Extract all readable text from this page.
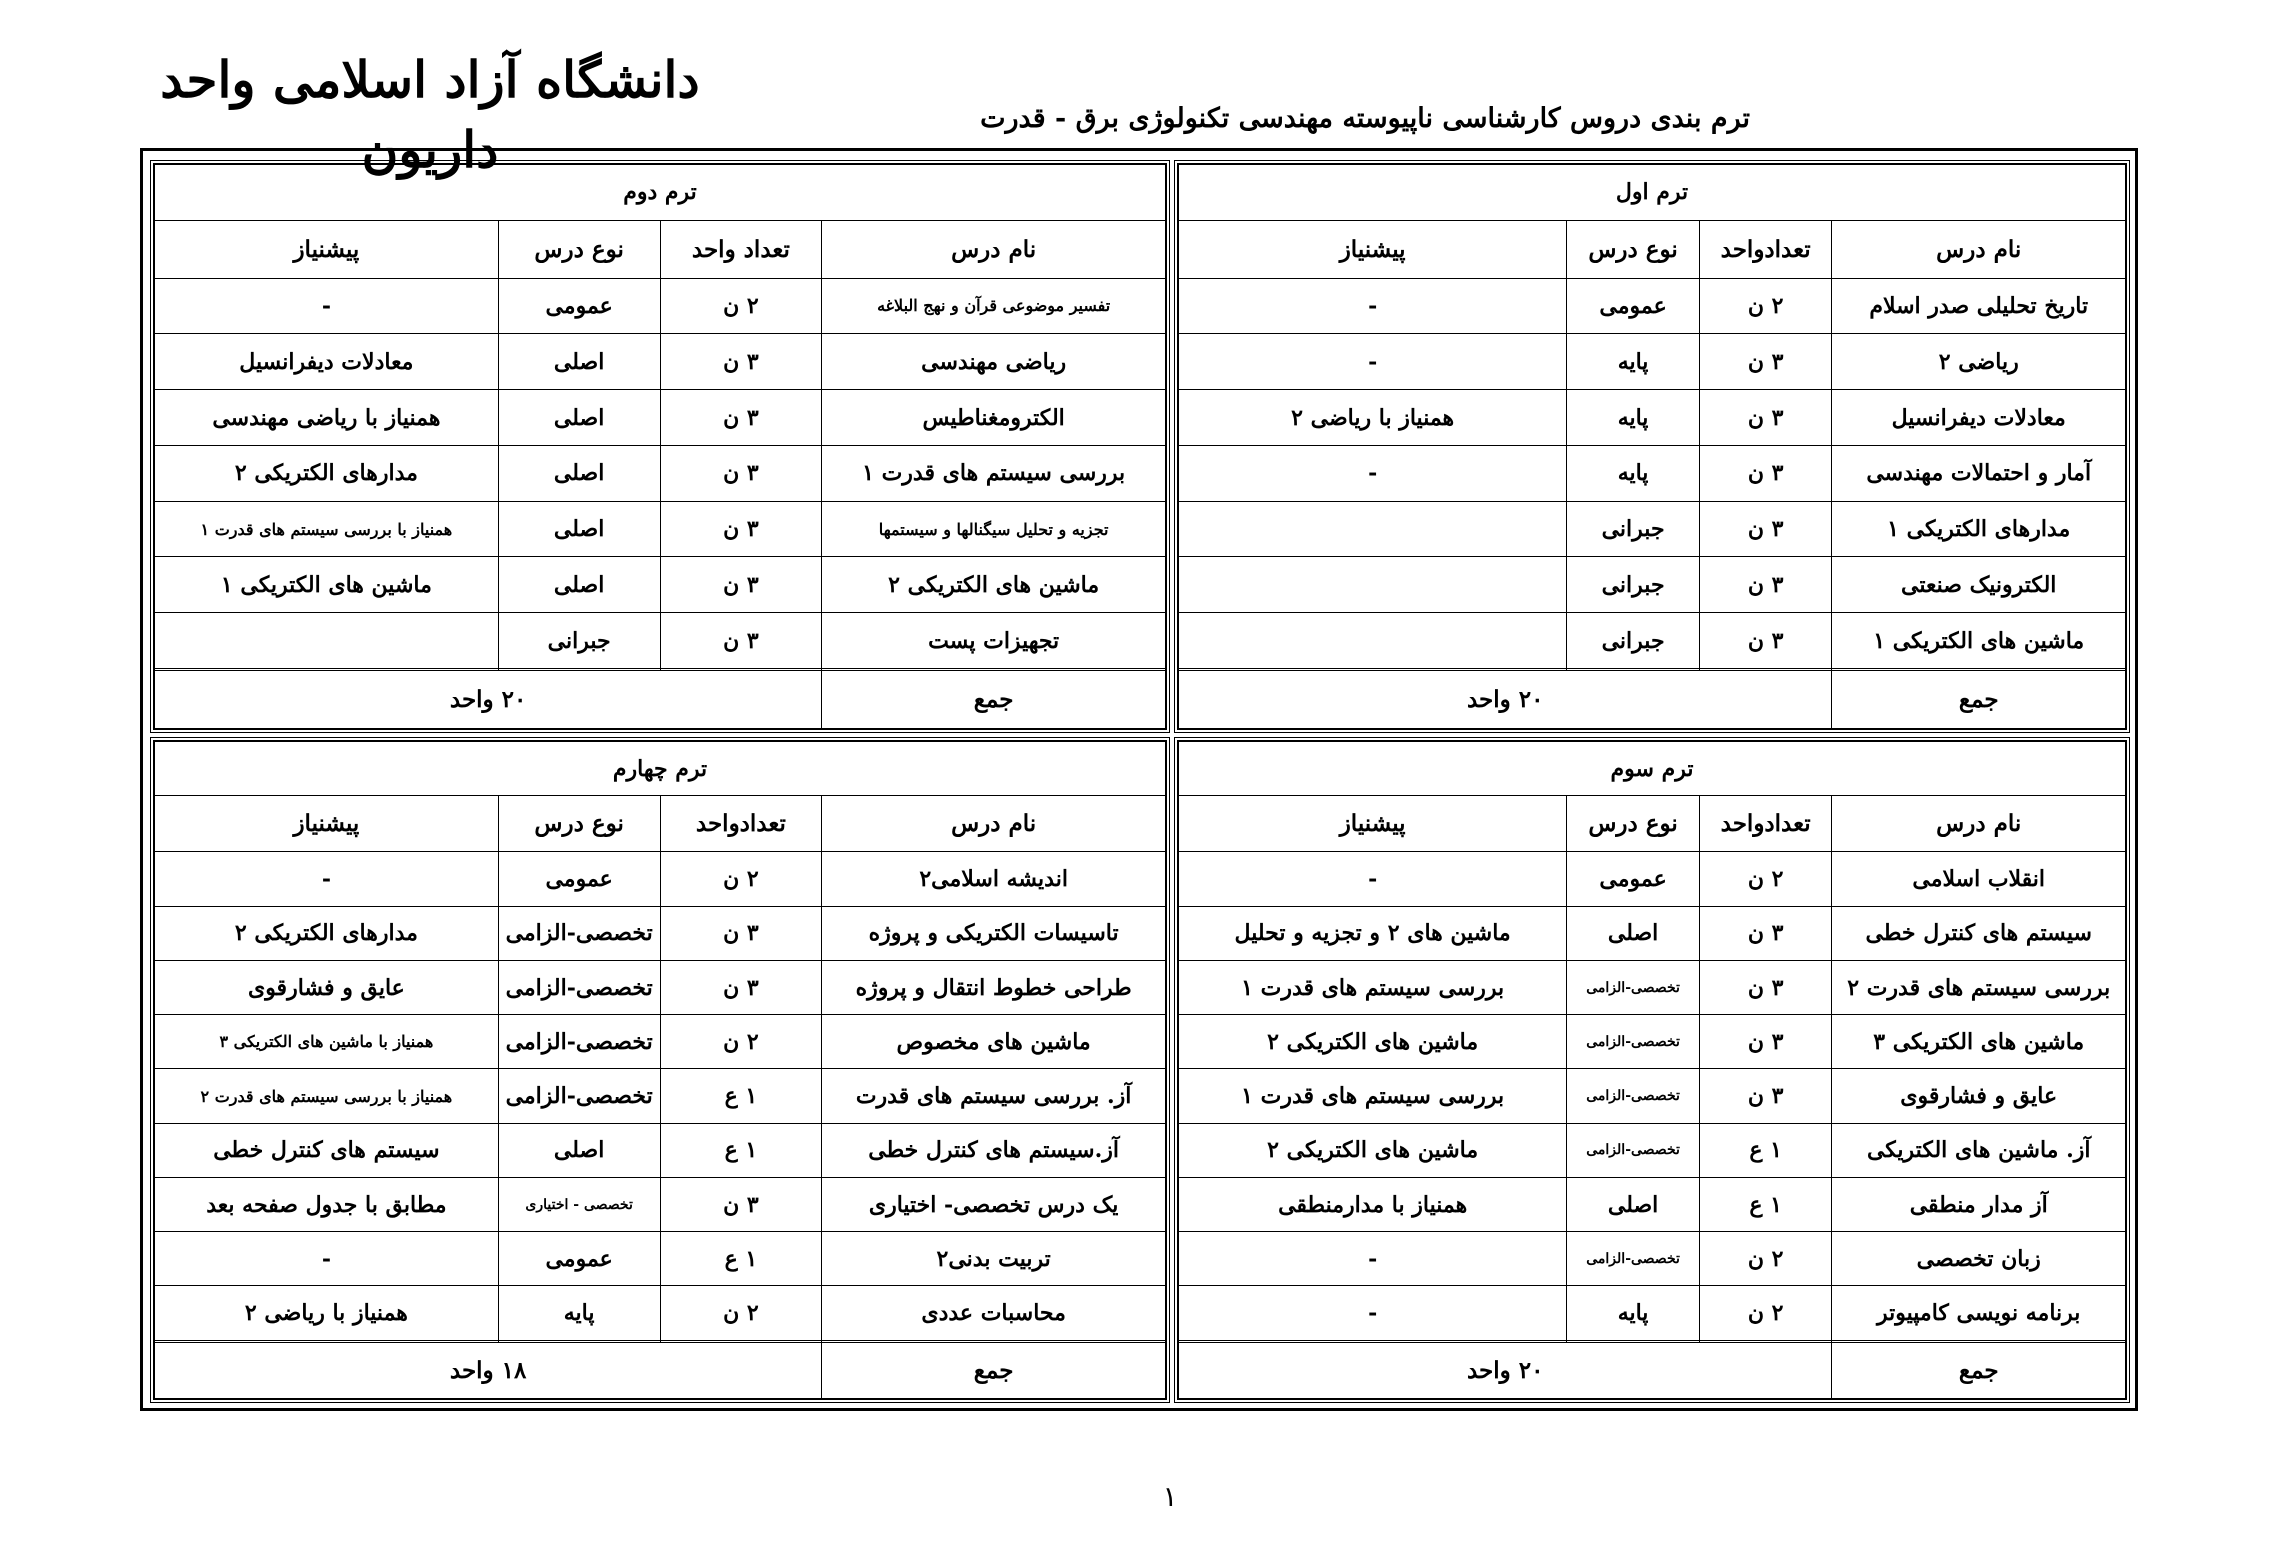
دانشگاه آزاد اسلامی واحد داریون
ترم بندی دروس کارشناسی ناپیوسته مهندسی تکنولوژی برق - قدرت
ترم اول			
نام درس	تعدادواحد	نوع درس	پیشنیاز
تاریخ تحلیلی صدر اسلام	۲ ن	عمومی	-
ریاضی ۲	۳ ن	پایه	-
معادلات دیفرانسیل	۳ ن	پایه	همنیاز با ریاضی ۲
آمار و احتمالات مهندسی	۳ ن	پایه	-
مدارهای الکتریکی ۱	۳ ن	جبرانی	
الکترونیک صنعتی	۳ ن	جبرانی	
ماشین های الکتریکی ۱	۳ ن	جبرانی	

جمع	۲۰ واحد		
ترم دوم			
نام درس	تعداد واحد	نوع درس	پیشنیاز
تفسیر موضوعی قرآن و نهج البلاغه	۲ ن	عمومی	-
ریاضی مهندسی	۳ ن	اصلی	معادلات دیفرانسیل
الکترومغناطیس	۳ ن	اصلی	همنیاز با ریاضی مهندسی
بررسی سیستم های قدرت ۱	۳ ن	اصلی	مدارهای الکتریکی ۲
تجزیه و تحلیل سیگنالها و سیستمها	۳ ن	اصلی	همنیاز با بررسی سیستم های قدرت ۱
ماشین های الکتریکی ۲	۳ ن	اصلی	ماشین های الکتریکی ۱
تجهیزات پست	۳ ن	جبرانی	

جمع	۲۰ واحد		
ترم سوم			
نام درس	تعدادواحد	نوع درس	پیشنیاز
انقلاب اسلامی	۲ ن	عمومی	-
سیستم های کنترل خطی	۳ ن	اصلی	ماشین های ۲ و تجزیه و تحلیل
بررسی سیستم های قدرت ۲	۳ ن	تخصصی-الزامی	بررسی سیستم های قدرت ۱
ماشین های الکتریکی ۳	۳ ن	تخصصی-الزامی	ماشین های الکتریکی ۲
عایق و فشارقوی	۳ ن	تخصصی-الزامی	بررسی سیستم های قدرت ۱
آز. ماشین های الکتریکی	۱ ع	تخصصی-الزامی	ماشین های الکتریکی ۲
آز مدار منطقی	۱ ع	اصلی	همنیاز با مدارمنطقی
زبان تخصصی	۲ ن	تخصصی-الزامی	-
برنامه نویسی کامپیوتر	۲ ن	پایه	-

جمع	۲۰ واحد		
ترم چهارم			
نام درس	تعدادواحد	نوع درس	پیشنیاز
اندیشه اسلامی۲	۲ ن	عمومی	-
تاسیسات الکتریکی و پروژه	۳ ن	تخصصی-الزامی	مدارهای الکتریکی ۲
طراحی خطوط انتقال و پروژه	۳ ن	تخصصی-الزامی	عایق و فشارقوی
ماشین های مخصوص	۲ ن	تخصصی-الزامی	همنیاز با ماشین های الکتریکی ۳
آز. بررسی سیستم های قدرت	۱ ع	تخصصی-الزامی	همنیاز با بررسی سیستم های قدرت ۲
آز.سیستم های کنترل خطی	۱ ع	اصلی	سیستم های کنترل خطی
یک درس تخصصی- اختیاری	۳ ن	تخصصی - اختیاری	مطابق با جدول صفحه بعد
تربیت بدنی۲	۱ ع	عمومی	-
محاسبات عددی	۲ ن	پایه	همنیاز با ریاضی ۲

جمع	۱۸ واحد		
۱
